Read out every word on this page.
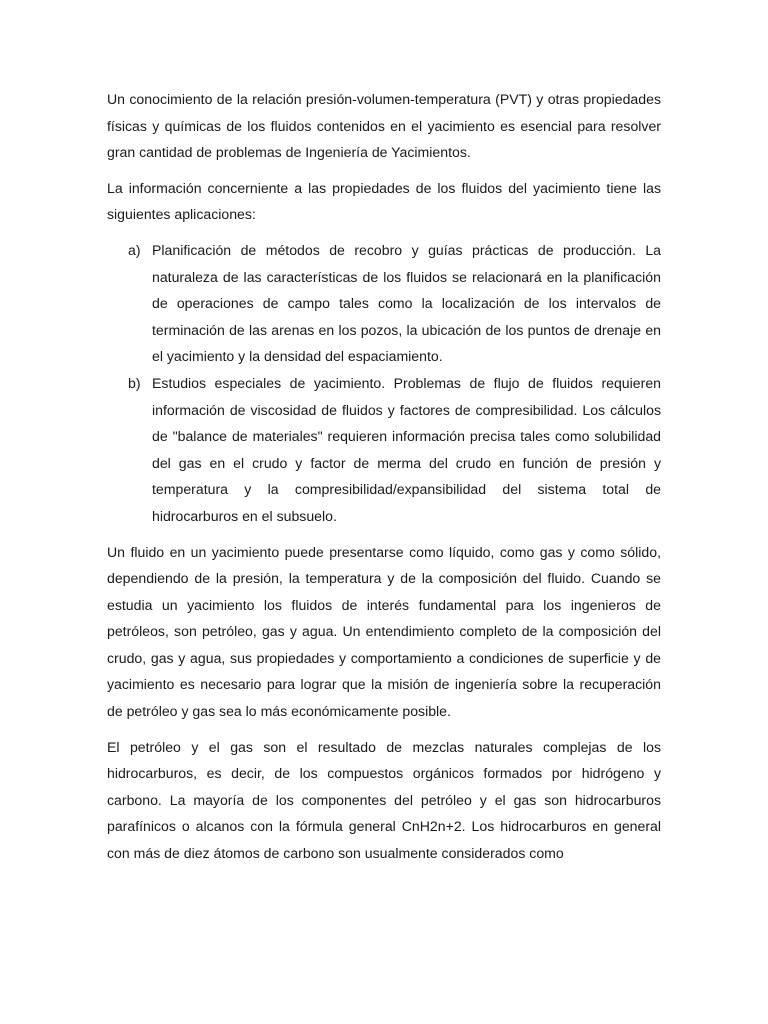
Un conocimiento de la relación presión-volumen-temperatura (PVT) y otras propiedades físicas y químicas de los fluidos contenidos en el yacimiento es esencial para resolver gran cantidad de problemas de Ingeniería de Yacimientos.

La información concerniente a las propiedades de los fluidos del yacimiento tiene las siguientes aplicaciones:

a) Planificación de métodos de recobro y guías prácticas de producción. La naturaleza de las características de los fluidos se relacionará en la planificación de operaciones de campo tales como la localización de los intervalos de terminación de las arenas en los pozos, la ubicación de los puntos de drenaje en el yacimiento y la densidad del espaciamiento.

b) Estudios especiales de yacimiento. Problemas de flujo de fluidos requieren información de viscosidad de fluidos y factores de compresibilidad. Los cálculos de "balance de materiales" requieren información precisa tales como solubilidad del gas en el crudo y factor de merma del crudo en función de presión y temperatura y la compresibilidad/expansibilidad del sistema total de hidrocarburos en el subsuelo.

Un fluido en un yacimiento puede presentarse como líquido, como gas y como sólido, dependiendo de la presión, la temperatura y de la composición del fluido. Cuando se estudia un yacimiento los fluidos de interés fundamental para los ingenieros de petróleos, son petróleo, gas y agua. Un entendimiento completo de la composición del crudo, gas y agua, sus propiedades y comportamiento a condiciones de superficie y de yacimiento es necesario para lograr que la misión de ingeniería sobre la recuperación de petróleo y gas sea lo más económicamente posible.

El petróleo y el gas son el resultado de mezclas naturales complejas de los hidrocarburos, es decir, de los compuestos orgánicos formados por hidrógeno y carbono. La mayoría de los componentes del petróleo y el gas son hidrocarburos parafínicos o alcanos con la fórmula general CnH2n+2. Los hidrocarburos en general con más de diez átomos de carbono son usualmente considerados como
